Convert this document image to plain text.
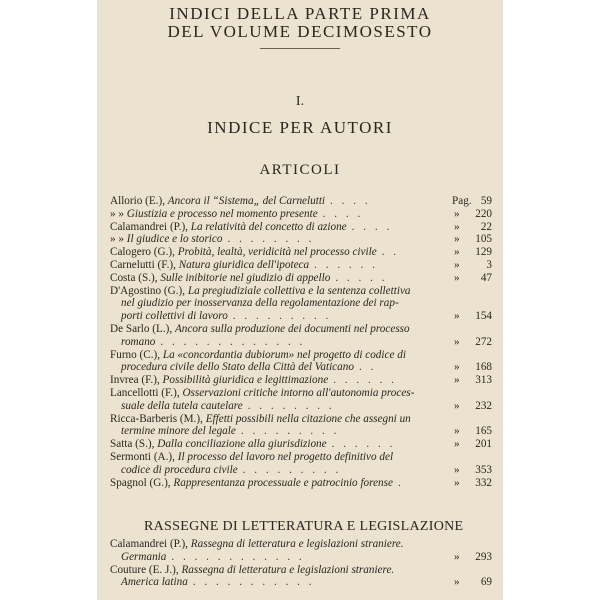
INDICI DELLA PARTE PRIMA
DEL VOLUME DECIMOSESTO
I.
INDICE PER AUTORI
ARTICOLI
Allorio (E.), Ancora il “Sistema„ del Carnelutti . . . .	Pag. 59
» » Giustizia e processo nel momento presente . . . .	» 220
Calamandrei (P.), La relatività del concetto di azione . . . .	» 22
» » Il giudice e lo storico . . . . . . . .	» 105
Calogero (G.), Probità, lealtà, veridicità nel processo civile . .	» 129
Carnelutti (F.), Natura giuridica dell'ipoteca . . . . . .	» 3
Costa (S.), Sulle inibitorie nel giudizio di appello . . . . .	» 47
D'Agostino (G.), La pregiudiziale collettiva e la sentenza collettiva
nel giudizio per inosservanza della regolamentazione dei rap-
porti collettivi di lavoro . . . . . . . . .	» 154
De Sarlo (L.), Ancora sulla produzione dei documenti nel processo
romano . . . . . . . . . . . . .	» 272
Furno (C.), La «concordantia dubiorum» nel progetto di codice di
procedura civile dello Stato della Città del Vaticano . .	» 168
Invrea (F.), Possibilità giuridica e legittimazione . . . . . .	» 313
Lancellotti (F.), Osservazioni critiche intorno all'autonomia proces-
suale della tutela cautelare . . . . . . . .	» 232
Ricca-Barberis (M.), Effetti possibili nella citazione che assegni un
termine minore del legale . . . . . . . . .	» 165
Satta (S.), Dalla conciliazione alla giurisdizione . . . . . .	» 201
Sermonti (A.), Il processo del lavoro nel progetto definitivo del
codice di procedura civile . . . . . . . . .	» 353
Spagnol (G.), Rappresentanza processuale e patrocinio forense .	» 332
RASSEGNE DI LETTERATURA E LEGISLAZIONE
Calamandrei (P.), Rassegna di letteratura e legislazioni straniere.
Germania . . . . . . . . . . . .	» 293
Couture (E. J.), Rassegna di letteratura e legislazioni straniere.
America latina . . . . . . . . . . .	» 69
